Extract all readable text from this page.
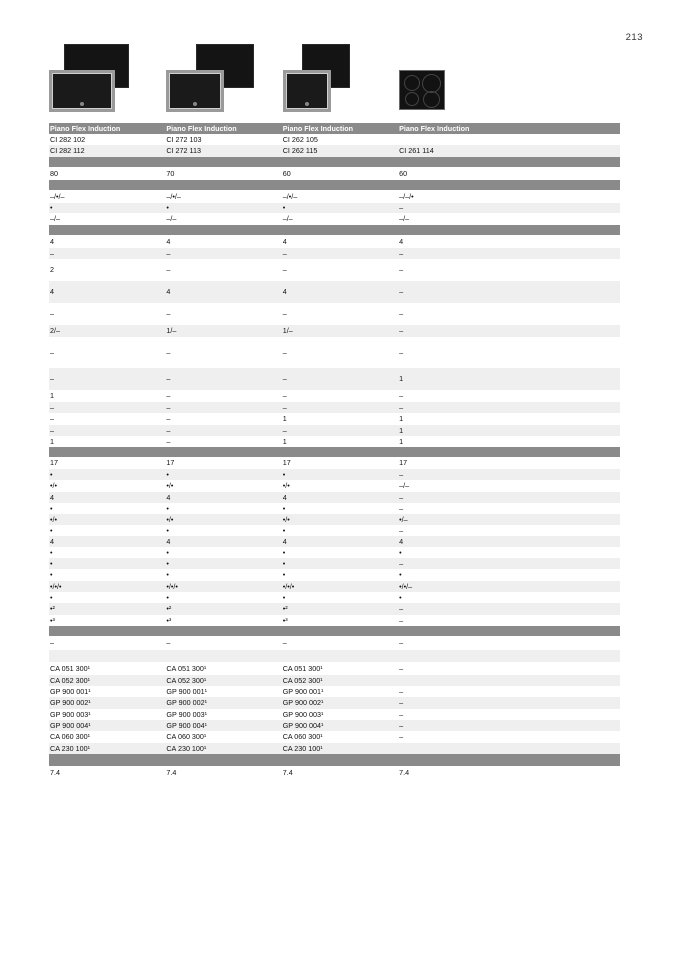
213
Piano Flex Induction	Piano Flex Induction	Piano Flex Induction	Piano Flex Induction
CI 282 102	CI 272 103	CI 262 105	
CI 282 112	CI 272 113	CI 262 115	CI 261 114

80	70	60	60

–/•/–	–/•/–	–/•/–	–/–/•
•	•	•	–
–/–	–/–	–/–	–/–

4	4	4	4
–	–	–	–
2	–	–	–
4	4	4	–
–	–	–	–
2/–	1/–	1/–	–
–	–	–	–
–	–	–	1
1	–	–	–
–	–	–	–
–	–	1	1
–	–	–	1
1	–	1	1

17	17	17	17
•	•	•	–
•/•	•/•	•/•	–/–
4	4	4	–
•	•	•	–
•/•	•/•	•/•	•/–
•	•	•	–
4	4	4	4
•	•	•	•
•	•	•	–
•	•	•	•
•/•/•	•/•/•	•/•/•	•/•/–
•	•	•	•
•²	•²	•²	–
•³	•³	•³	–

–	–	–	–

CA 051 300¹	CA 051 300¹	CA 051 300¹	–
CA 052 300¹	CA 052 300¹	CA 052 300¹	
GP 900 001¹	GP 900 001¹	GP 900 001¹	–
GP 900 002¹	GP 900 002¹	GP 900 002¹	–
GP 900 003¹	GP 900 003¹	GP 900 003¹	–
GP 900 004¹	GP 900 004¹	GP 900 004¹	–
CA 060 300¹	CA 060 300¹	CA 060 300¹	–
CA 230 100¹	CA 230 100¹	CA 230 100¹	

7.4	7.4	7.4	7.4
